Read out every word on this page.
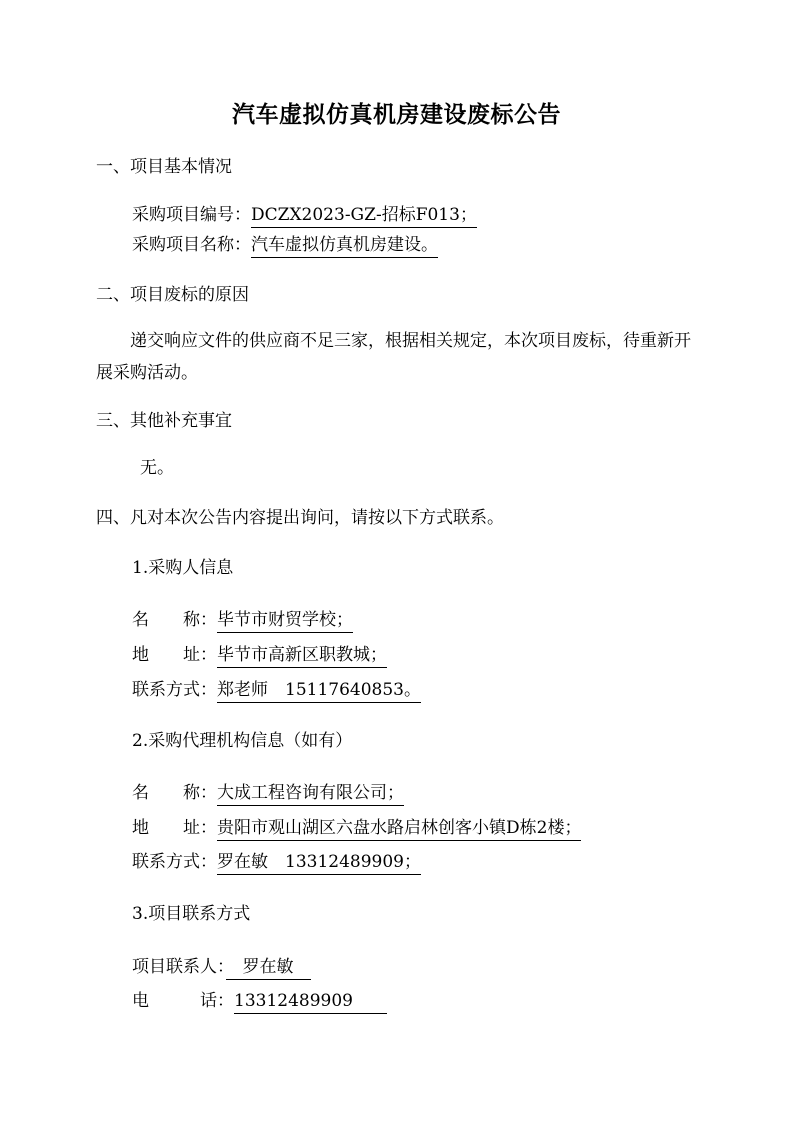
汽车虚拟仿真机房建设废标公告
一、项目基本情况
采购项目编号：DCZX2023-GZ-招标F013；
采购项目名称：汽车虚拟仿真机房建设。
二、项目废标的原因
递交响应文件的供应商不足三家，根据相关规定，本次项目废标，待重新开展采购活动。
三、其他补充事宜
无。
四、凡对本次公告内容提出询问，请按以下方式联系。
1.采购人信息
名　　称：毕节市财贸学校；
地　　址：毕节市高新区职教城；
联系方式：郑老师　15117640853。
2.采购代理机构信息（如有）
名　　称：大成工程咨询有限公司；
地　　址：贵阳市观山湖区六盘水路启林创客小镇D栋2楼；
联系方式：罗在敏　13312489909；
3.项目联系方式
项目联系人：　罗在敏　
电　　　话：13312489909　　
